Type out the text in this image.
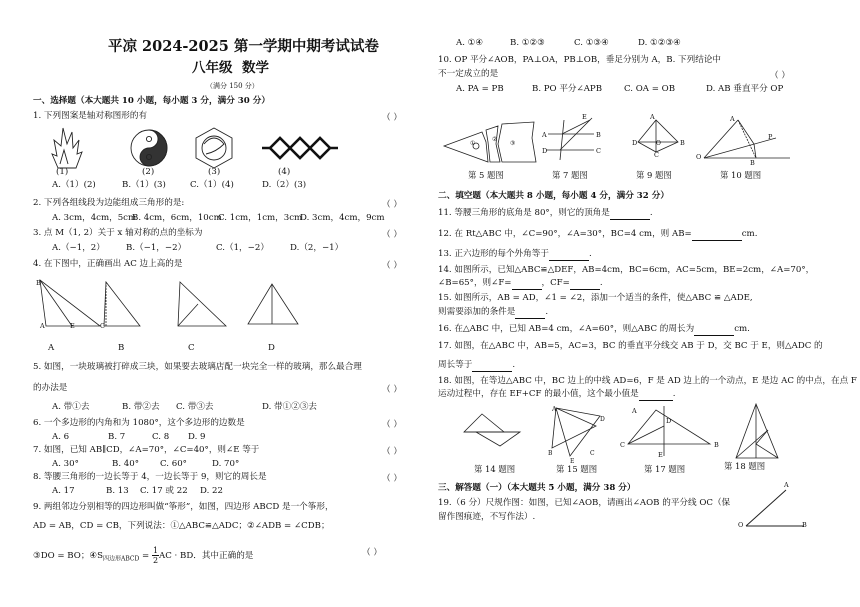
平凉 2024-2025 第一学期中期考试试卷
八年级 数学
（满分 150 分）
一、选择题（本大题共 10 小题，每小题 3 分，满分 30 分）
1. 下列图案是轴对称图形的有	（ ）
(1)	(2)	(3)	(4)
A.（1）(2)	B.（1）(3)	C.（1）(4)	D.（2）(3)
2. 下列各组线段为边能组成三角形的是:	（ ）
A. 3cm，4cm，5cm
B. 4cm，6cm，10cm
C. 1cm，1cm，3cm
D. 3cm，4cm，9cm
3. 点 M（1, 2）关于 x 轴对称的点的坐标为	（ ）
A.（−1，2） B.（−1，−2）	C.（1，−2） D.（2，−1）
4. 在下图中，正确画出 AC 边上高的是	（ ）
B
A	E	C
A	B	C	D
5. 如图，一块玻璃被打碎成三块，如果要去玻璃店配一块完全一样的玻璃，那么最合理
的办法是	（ ）
A. 带①去	B. 带②去 C. 带③去	D. 带①②③去
6. 一个多边形的内角和为 1080°，这个多边形的边数是	（ ）
A. 6	B. 7	C. 8 D. 9
7. 如图，已知 AB∥CD，∠A=70°，∠C=40°，则∠E 等于	（ ）
A. 30°	B. 40° C. 60°	D. 70°
8. 等腰三角形的一边长等于 4，一边长等于 9，则它的周长是	（ ）
A. 17	B. 13 C. 17 或 22 D. 22
9. 两组邻边分别相等的四边形叫做“筝形”，如图，四边形 ABCD 是一个筝形，
AD = AB，CD = CB，下列说法：①△ABC≌△ADC；②∠ADB = ∠CDB；
③DO = BO；$④S_{四边形ABCD} = \frac{1}{2}$ AC · BD．其中正确的是	（ ）
A. ①④	B. ①②③	C. ①③④	D. ①②③④
10. OP 平分∠AOB，PA⊥OA，PB⊥OB，垂足分别为 A，B. 下列结论中
不一定成立的是	（ ）
A. PA = PB	B. PO 平分∠APB	C. OA = OB	D. AB 垂直平分 OP
①
②
③
E
A	B
D	C
A
D	B
C
O
A
P
O
B
第 5 题图	第 7 题图	第 9 题图	第 10 题图
二、填空题（本大题共 8 小题，每小题 4 分，满分 32 分）
11. 等腰三角形的底角是 80°，则它的顶角是	.
12. 在 Rt△ABC 中，∠C=90°，∠A=30°，BC=4 cm，则 AB=	cm.
13. 正六边形的每个外角等于	.
14. 如图所示，已知△ABC≌△DEF，AB=4cm，BC=6cm，AC=5cm，BE=2cm，∠A=70°，
∠B=65°，则∠F=	，CF=	.
15. 如图所示，AB = AD，∠1 = ∠2，添加一个适当的条件，使△ABC ≌ △ADE,
则需要添加的条件是	.
16. 在△ABC 中，已知 AB=4 cm，∠A=60°，则△ABC 的周长为	cm.
17. 如图，在△ABC 中，AB=5，AC=3，BC 的垂直平分线交 AB 于 D，交 BC 于 E，则△ADC 的
周长等于	.
18. 如图，在等边△ABC 中，BC 边上的中线 AD=6，F 是 AD 边上的一个动点，E 是边 AC 的中点，在点 F
运动过程中，存在 EF+CF 的最小值，这个最小值是	.
A
D
C	B
E
A
B	C
D
E
第 14 题图	第 15 题图	第 17 题图	第 18 题图
三、解答题（一）（本大题共 5 小题，满分 38 分）
19.（6 分）尺规作图：如图，已知∠AOB，请画出∠AOB 的平分线 OC（保
留作图痕迹，不写作法）.
A
O	B
